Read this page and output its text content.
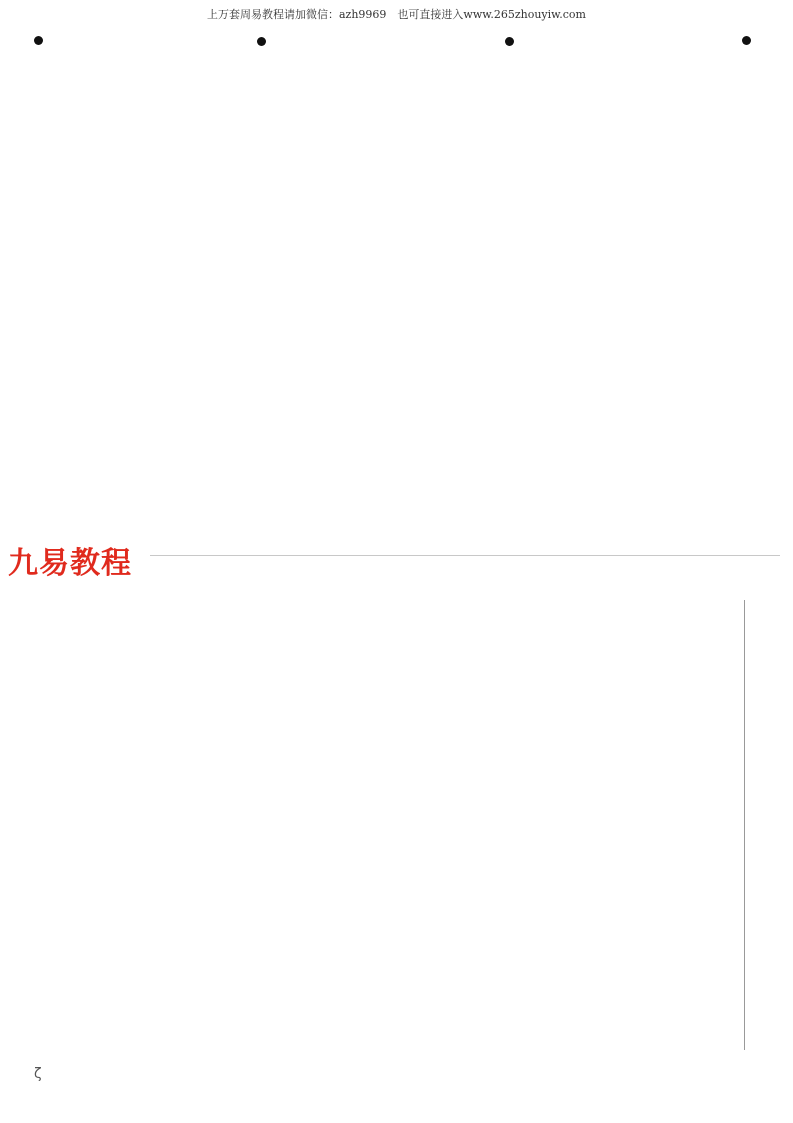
上万套周易教程请加微信：azh9969　也可直接进入www.265zhouyiw.com
九易教程
ζ
